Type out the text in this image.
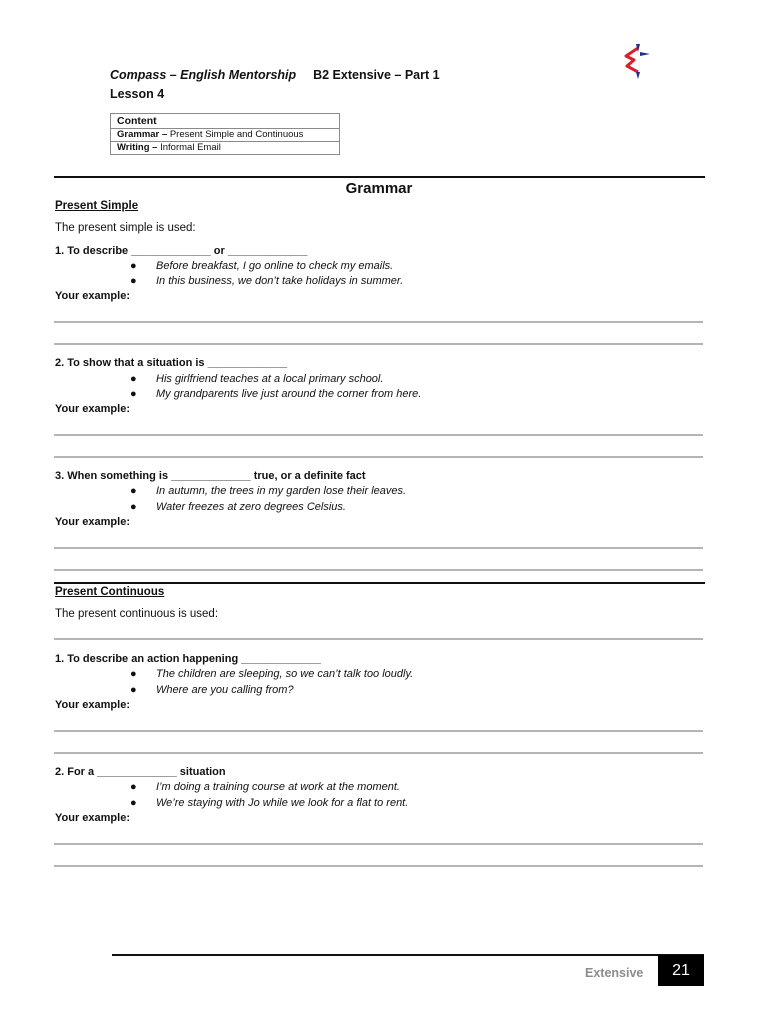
Compass – English Mentorship B2 Extensive – Part 1
Lesson 4
Content
Grammar – Present Simple and Continuous
Writing – Informal Email
Grammar
Present Simple
The present simple is used:
1. To describe _____________ or _____________
● Before breakfast, I go online to check my emails.
● In this business, we don’t take holidays in summer.
Your example:
2. To show that a situation is _____________
● His girlfriend teaches at a local primary school.
● My grandparents live just around the corner from here.
Your example:
3. When something is _____________ true, or a definite fact
● In autumn, the trees in my garden lose their leaves.
● Water freezes at zero degrees Celsius.
Your example:
Present Continuous
The present continuous is used:
1. To describe an action happening _____________
● The children are sleeping, so we can’t talk too loudly.
● Where are you calling from?
Your example:
2. For a _____________ situation
● I’m doing a training course at work at the moment.
● We’re staying with Jo while we look for a flat to rent.
Your example:
Extensive	21
